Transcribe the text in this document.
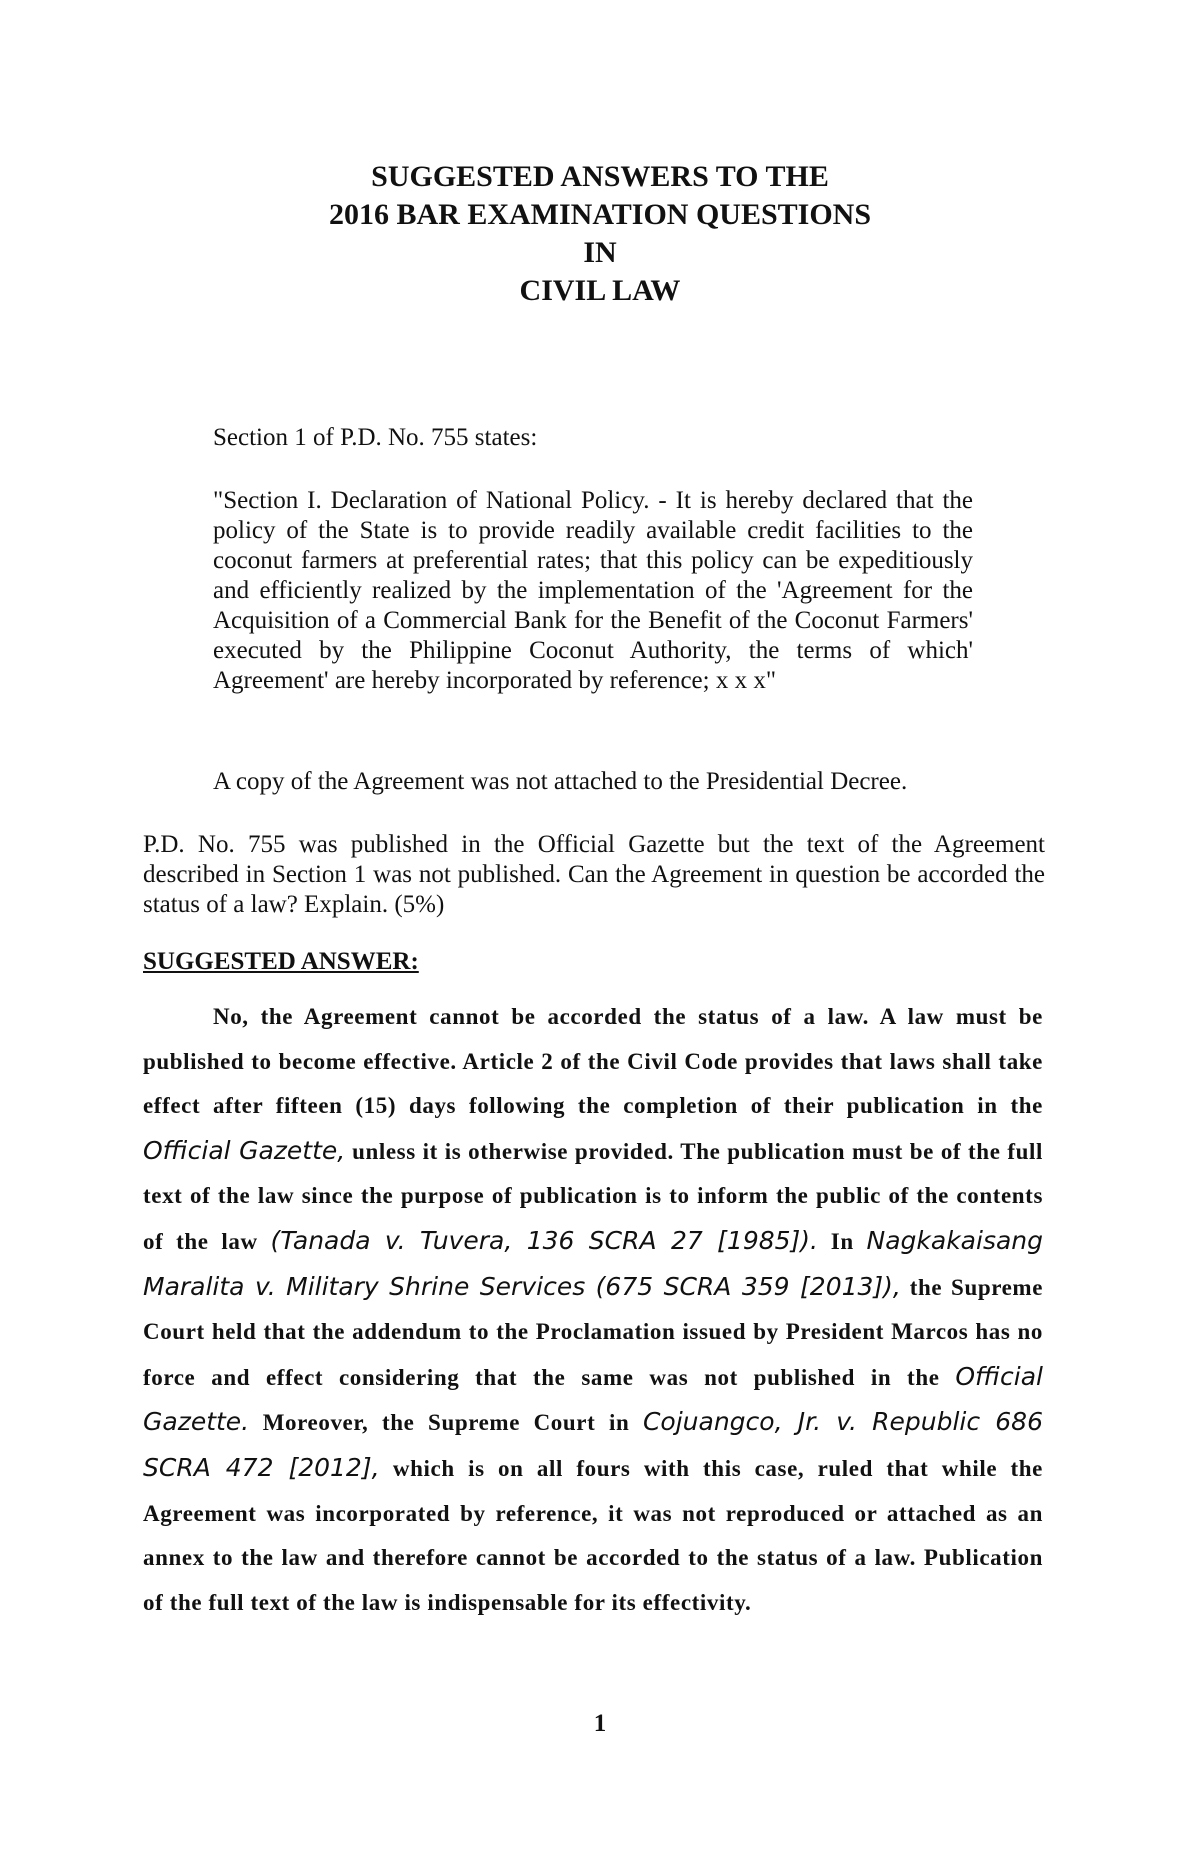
SUGGESTED ANSWERS TO THE
2016 BAR EXAMINATION QUESTIONS
IN
CIVIL LAW

Section 1 of P.D. No. 755 states:

"Section I. Declaration of National Policy. - It is hereby declared that the policy of the State is to provide readily available credit facilities to the coconut farmers at preferential rates; that this policy can be expeditiously and efficiently realized by the implementation of the 'Agreement for the Acquisition of a Commercial Bank for the Benefit of the Coconut Farmers' executed by the Philippine Coconut Authority, the terms of which' Agreement' are hereby incorporated by reference; x x x"

A copy of the Agreement was not attached to the Presidential Decree.

P.D. No. 755 was published in the Official Gazette but the text of the Agreement described in Section 1 was not published. Can the Agreement in question be accorded the status of a law? Explain. (5%)

SUGGESTED ANSWER:

No, the Agreement cannot be accorded the status of a law. A law must be published to become effective. Article 2 of the Civil Code provides that laws shall take effect after fifteen (15) days following the completion of their publication in the Official Gazette, unless it is otherwise provided. The publication must be of the full text of the law since the purpose of publication is to inform the public of the contents of the law (Tanada v. Tuvera, 136 SCRA 27 [1985]). In Nagkakaisang Maralita v. Military Shrine Services (675 SCRA 359 [2013]), the Supreme Court held that the addendum to the Proclamation issued by President Marcos has no force and effect considering that the same was not published in the Official Gazette. Moreover, the Supreme Court in Cojuangco, Jr. v. Republic 686 SCRA 472 [2012], which is on all fours with this case, ruled that while the Agreement was incorporated by reference, it was not reproduced or attached as an annex to the law and therefore cannot be accorded to the status of a law. Publication of the full text of the law is indispensable for its effectivity.

1
